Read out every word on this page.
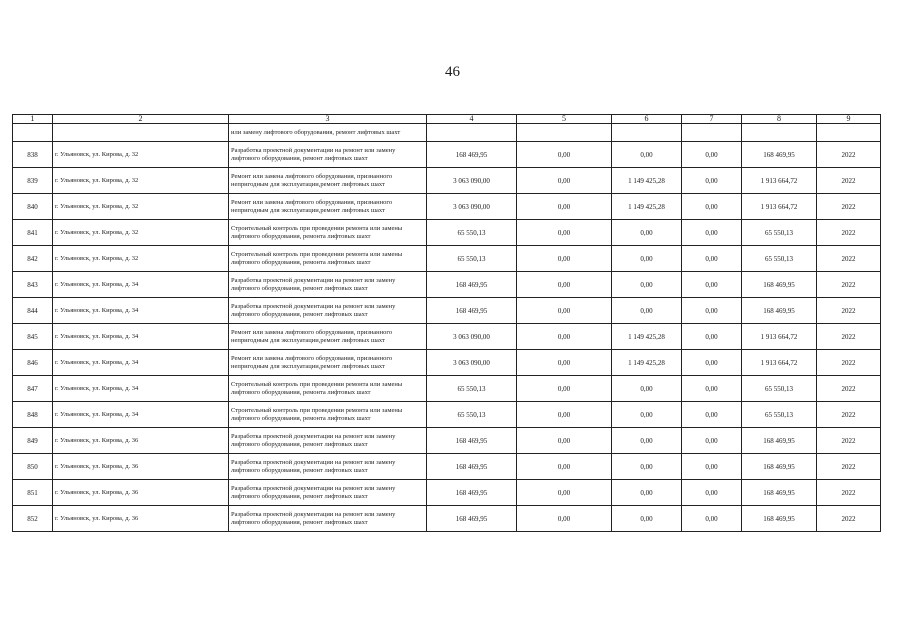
46
1	2	3	4	5	6	7	8	9
		или замену лифтового оборудования, ремонт лифтовых шахт						
838	г. Ульяновск, ул. Кирова, д. 32	Разработка проектной документации на ремонт или замену лифтового оборудования, ремонт лифтовых шахт	168 469,95	0,00	0,00	0,00	168 469,95	2022
839	г. Ульяновск, ул. Кирова, д. 32	Ремонт или замена лифтового оборудования, признанного непригодным для эксплуатации,ремонт лифтовых шахт	3 063 090,00	0,00	1 149 425,28	0,00	1 913 664,72	2022
840	г. Ульяновск, ул. Кирова, д. 32	Ремонт или замена лифтового оборудования, признанного непригодным для эксплуатации,ремонт лифтовых шахт	3 063 090,00	0,00	1 149 425,28	0,00	1 913 664,72	2022
841	г. Ульяновск, ул. Кирова, д. 32	Строительный контроль при проведении ремонта или замены лифтового оборудования, ремонта лифтовых шахт	65 550,13	0,00	0,00	0,00	65 550,13	2022
842	г. Ульяновск, ул. Кирова, д. 32	Строительный контроль при проведении ремонта или замены лифтового оборудования, ремонта лифтовых шахт	65 550,13	0,00	0,00	0,00	65 550,13	2022
843	г. Ульяновск, ул. Кирова, д. 34	Разработка проектной документации на ремонт или замену лифтового оборудования, ремонт лифтовых шахт	168 469,95	0,00	0,00	0,00	168 469,95	2022
844	г. Ульяновск, ул. Кирова, д. 34	Разработка проектной документации на ремонт или замену лифтового оборудования, ремонт лифтовых шахт	168 469,95	0,00	0,00	0,00	168 469,95	2022
845	г. Ульяновск, ул. Кирова, д. 34	Ремонт или замена лифтового оборудования, признанного непригодным для эксплуатации,ремонт лифтовых шахт	3 063 090,00	0,00	1 149 425,28	0,00	1 913 664,72	2022
846	г. Ульяновск, ул. Кирова, д. 34	Ремонт или замена лифтового оборудования, признанного непригодным для эксплуатации,ремонт лифтовых шахт	3 063 090,00	0,00	1 149 425,28	0,00	1 913 664,72	2022
847	г. Ульяновск, ул. Кирова, д. 34	Строительный контроль при проведении ремонта или замены лифтового оборудования, ремонта лифтовых шахт	65 550,13	0,00	0,00	0,00	65 550,13	2022
848	г. Ульяновск, ул. Кирова, д. 34	Строительный контроль при проведении ремонта или замены лифтового оборудования, ремонта лифтовых шахт	65 550,13	0,00	0,00	0,00	65 550,13	2022
849	г. Ульяновск, ул. Кирова, д. 36	Разработка проектной документации на ремонт или замену лифтового оборудования, ремонт лифтовых шахт	168 469,95	0,00	0,00	0,00	168 469,95	2022
850	г. Ульяновск, ул. Кирова, д. 36	Разработка проектной документации на ремонт или замену лифтового оборудования, ремонт лифтовых шахт	168 469,95	0,00	0,00	0,00	168 469,95	2022
851	г. Ульяновск, ул. Кирова, д. 36	Разработка проектной документации на ремонт или замену лифтового оборудования, ремонт лифтовых шахт	168 469,95	0,00	0,00	0,00	168 469,95	2022
852	г. Ульяновск, ул. Кирова, д. 36	Разработка проектной документации на ремонт или замену лифтового оборудования, ремонт лифтовых шахт	168 469,95	0,00	0,00	0,00	168 469,95	2022
